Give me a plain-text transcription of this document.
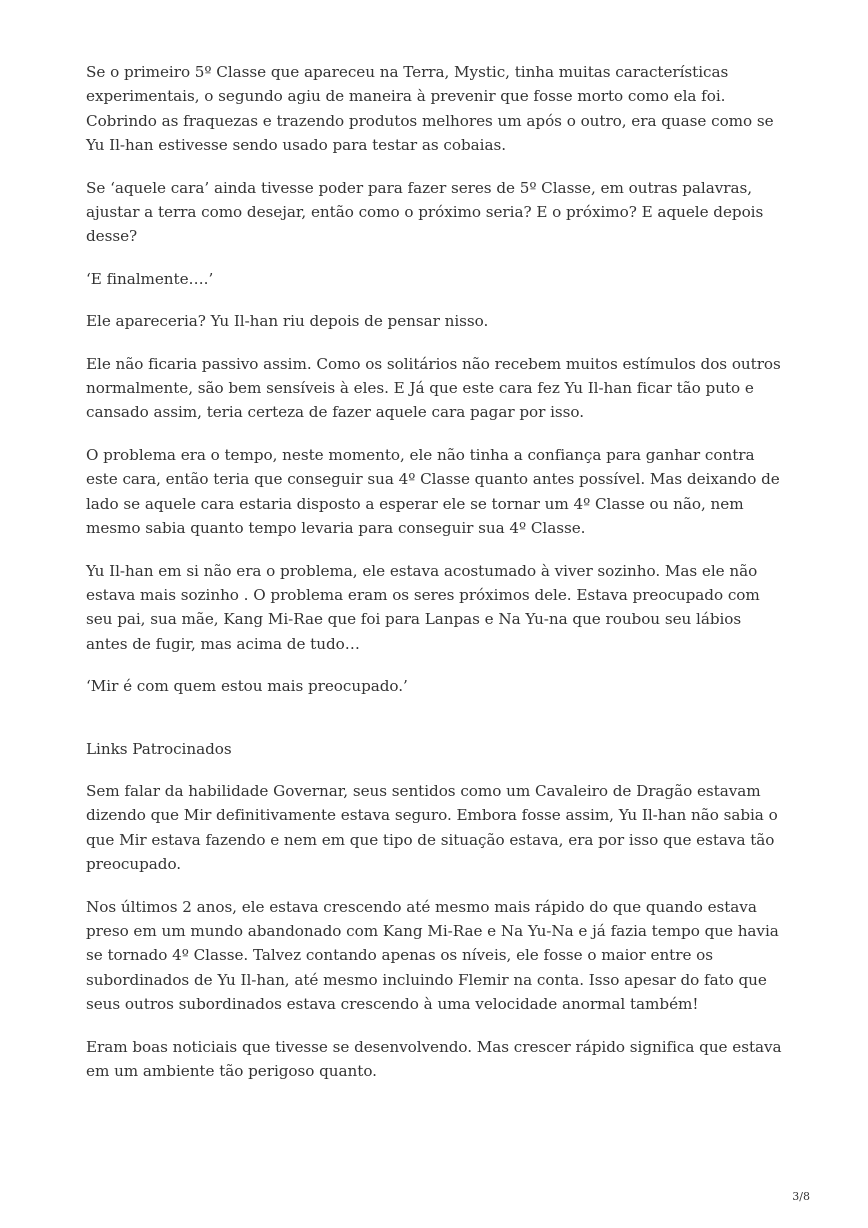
Se o primeiro 5º Classe que apareceu na Terra, Mystic, tinha muitas características experimentais, o segundo agiu de maneira à prevenir que fosse morto como ela foi. Cobrindo as fraquezas e trazendo produtos melhores um após o outro, era quase como se Yu Il-han estivesse sendo usado para testar as cobaias.

Se ‘aquele cara’ ainda tivesse poder para fazer seres de 5º Classe, em outras palavras, ajustar a terra como desejar, então como o próximo seria? E o próximo? E aquele depois desse?

‘E finalmente….’

Ele apareceria? Yu Il-han riu depois de pensar nisso.

Ele não ficaria passivo assim. Como os solitários não recebem muitos estímulos dos outros normalmente, são bem sensíveis à eles. E Já que este cara fez Yu Il-han ficar tão puto e cansado assim, teria certeza de fazer aquele cara pagar por isso.

O problema era o tempo, neste momento, ele não tinha a confiança para ganhar contra este cara, então teria que conseguir sua 4º Classe quanto antes possível. Mas deixando de lado se aquele cara estaria disposto a esperar ele se tornar um 4º Classe ou não, nem mesmo sabia quanto tempo levaria para conseguir sua 4º Classe.

Yu Il-han em si não era o problema, ele estava acostumado à viver sozinho. Mas ele não estava mais sozinho . O problema eram os seres próximos dele. Estava preocupado com seu pai, sua mãe, Kang Mi-Rae que foi para Lanpas e Na Yu-na que roubou seu lábios antes de fugir, mas acima de tudo…

‘Mir é com quem estou mais preocupado.’

Links Patrocinados

Sem falar da habilidade Governar, seus sentidos como um Cavaleiro de Dragão estavam dizendo que Mir definitivamente estava seguro. Embora fosse assim, Yu Il-han não sabia o que Mir estava fazendo e nem em que tipo de situação estava, era por isso que estava tão preocupado.

Nos últimos 2 anos, ele estava crescendo até mesmo mais rápido do que quando estava preso em um mundo abandonado com Kang Mi-Rae e Na Yu-Na e já fazia tempo que havia se tornado 4º Classe. Talvez contando apenas os níveis, ele fosse o maior entre os subordinados de Yu Il-han, até mesmo incluindo Flemir na conta. Isso apesar do fato que seus outros subordinados estava crescendo à uma velocidade anormal também!

Eram boas noticiais que tivesse se desenvolvendo. Mas crescer rápido significa que estava em um ambiente tão perigoso quanto.

3/8
